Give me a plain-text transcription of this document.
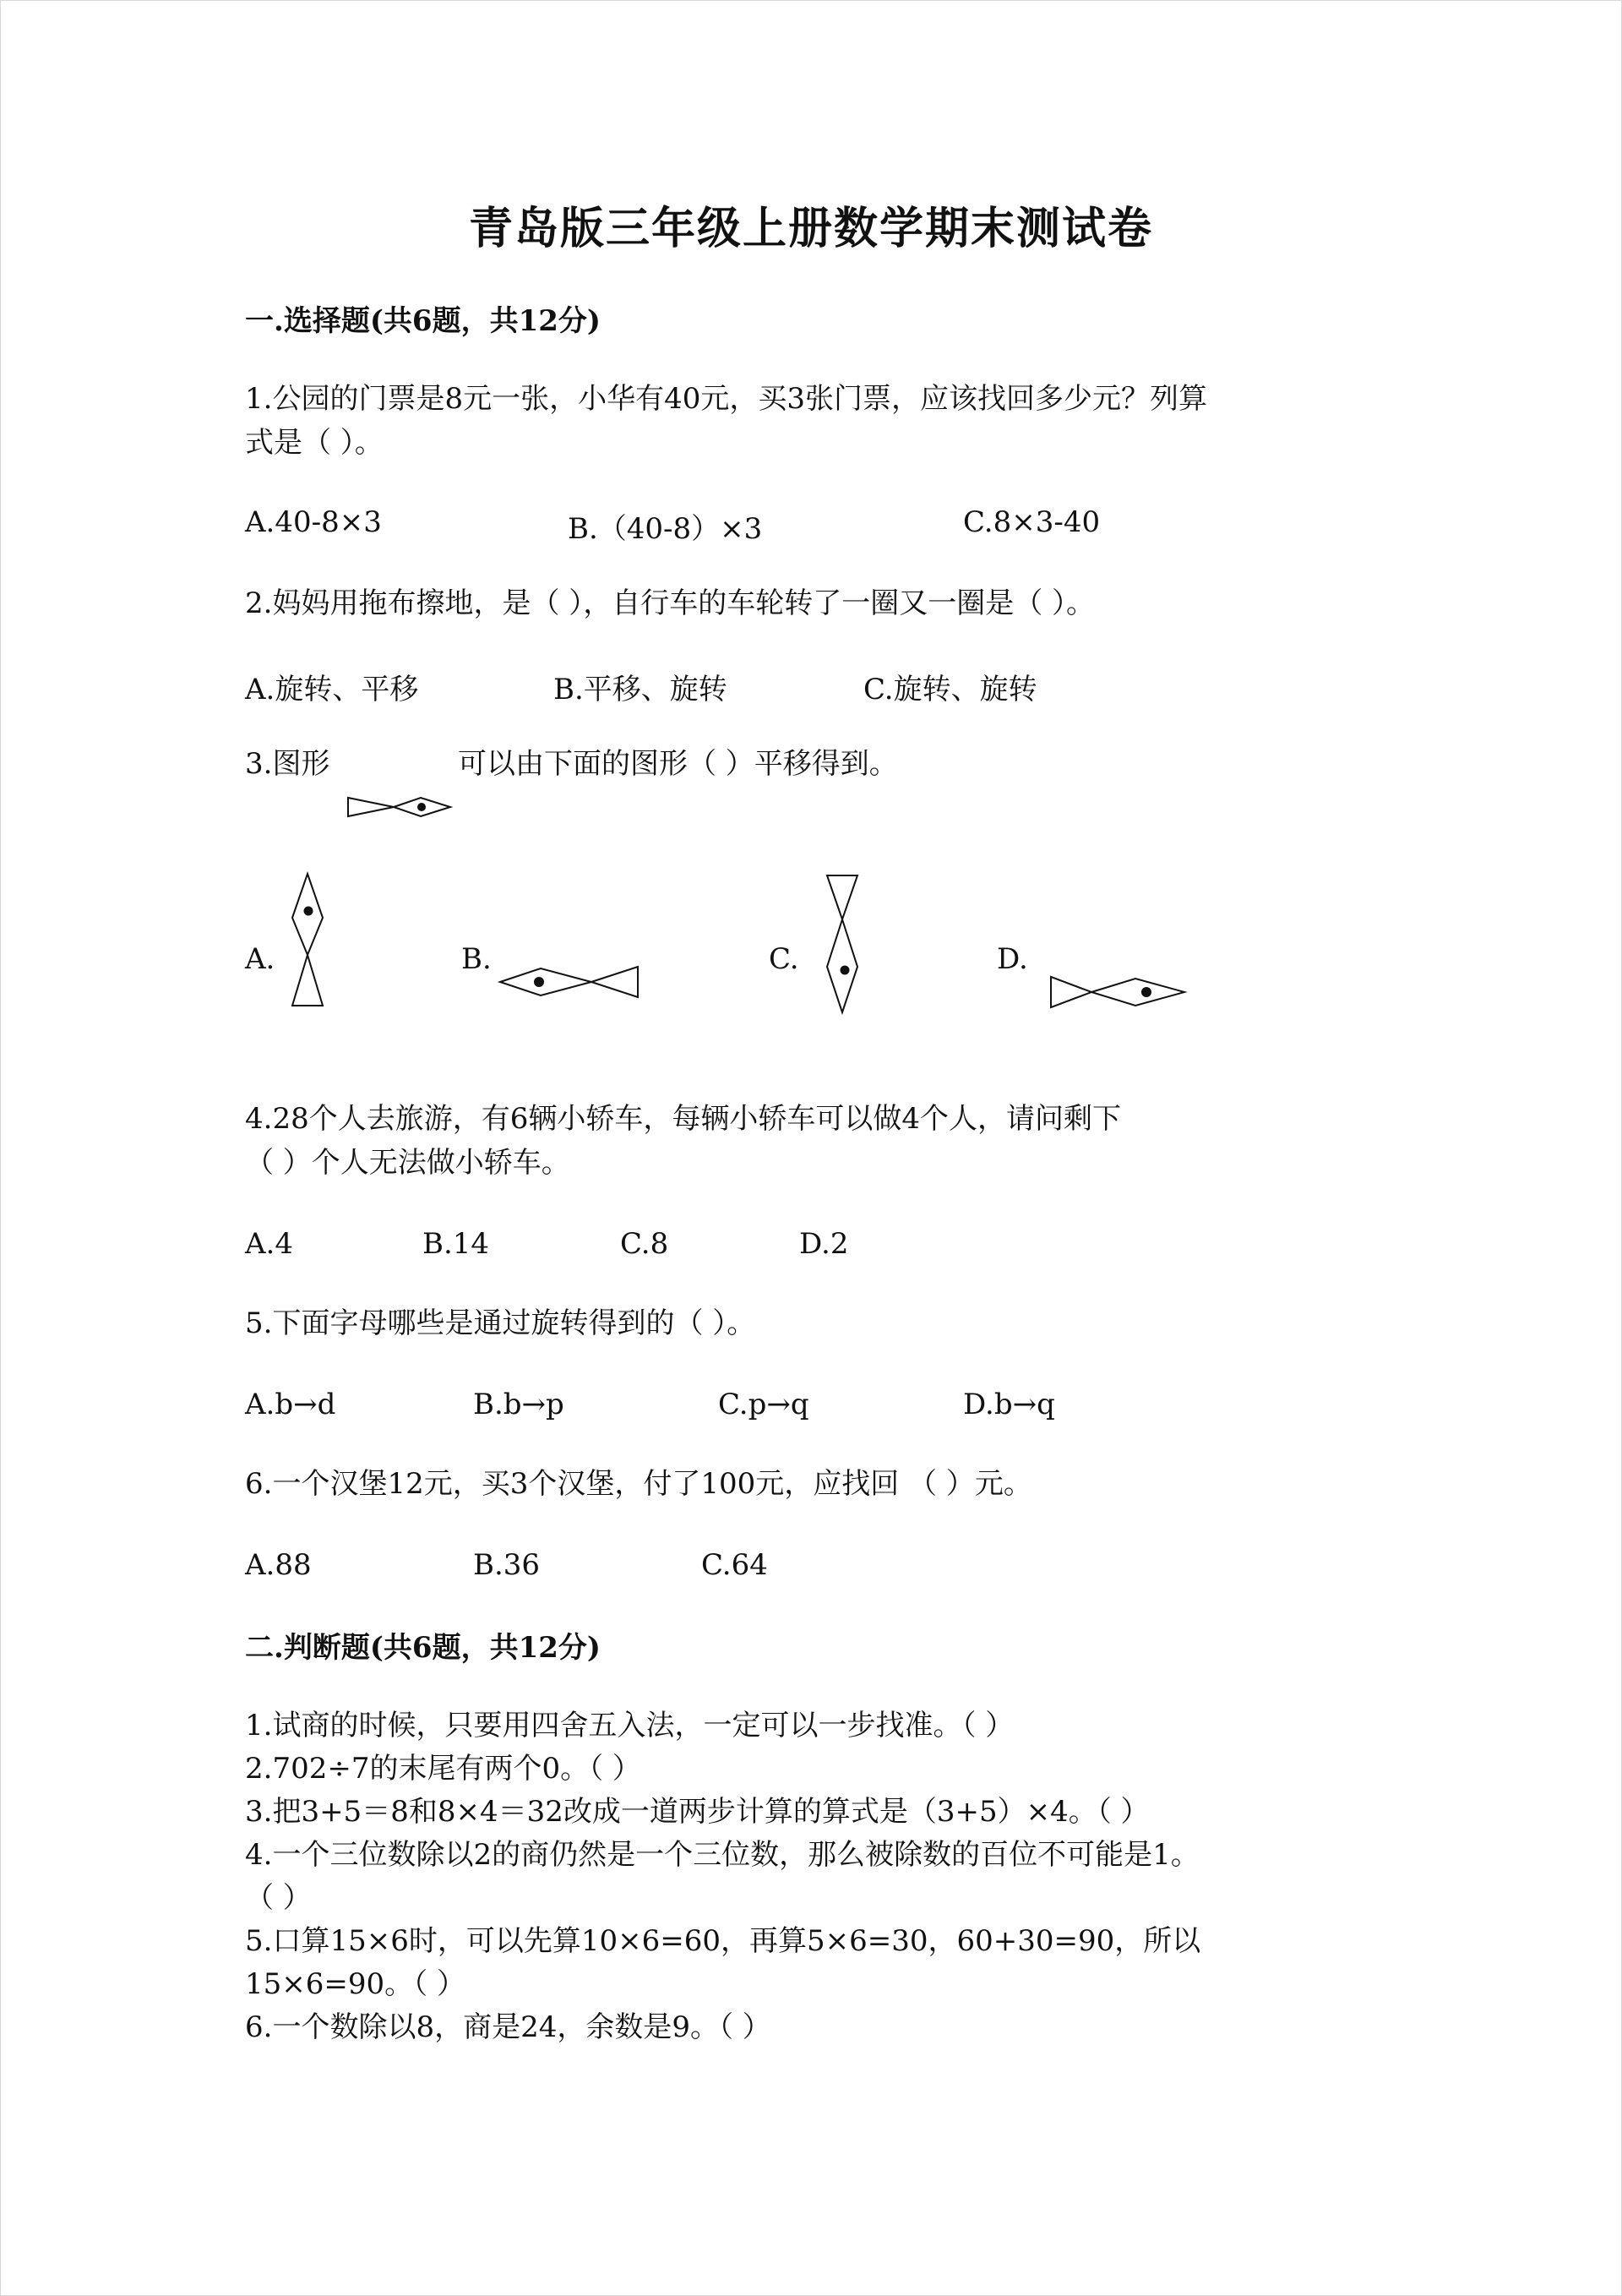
青岛版三年级上册数学期末测试卷
一.选择题(共6题，共12分)
1.公园的门票是8元一张，小华有40元，买3张门票，应该找回多少元？列算
式是（ ）。
A.40-8×3	B.（40-8）×3	C.8×3-40
2.妈妈用拖布擦地，是（ ），自行车的车轮转了一圈又一圈是（ ）。
A.旋转、平移	B.平移、旋转	C.旋转、旋转
3.图形	可以由下面的图形（ ）平移得到。
A.	B.	C.	D.
4.28个人去旅游，有6辆小轿车，每辆小轿车可以做4个人，请问剩下
（ ）个人无法做小轿车。
A.4	B.14	C.8	D.2
5.下面字母哪些是通过旋转得到的（ ）。
A.b→d	B.b→p	C.p→q	D.b→q
6.一个汉堡12元，买3个汉堡，付了100元，应找回 （ ）元。
A.88	B.36	C.64
二.判断题(共6题，共12分)
1.试商的时候，只要用四舍五入法，一定可以一步找准。（ ）
2.702÷7的末尾有两个0。（ ）
3.把3+5＝8和8×4＝32改成一道两步计算的算式是（3+5）×4。（ ）
4.一个三位数除以2的商仍然是一个三位数，那么被除数的百位不可能是1。
（ ）
5.口算15×6时，可以先算10×6=60，再算5×6=30，60+30=90，所以
15×6=90。（ ）
6.一个数除以8，商是24，余数是9。（ ）
